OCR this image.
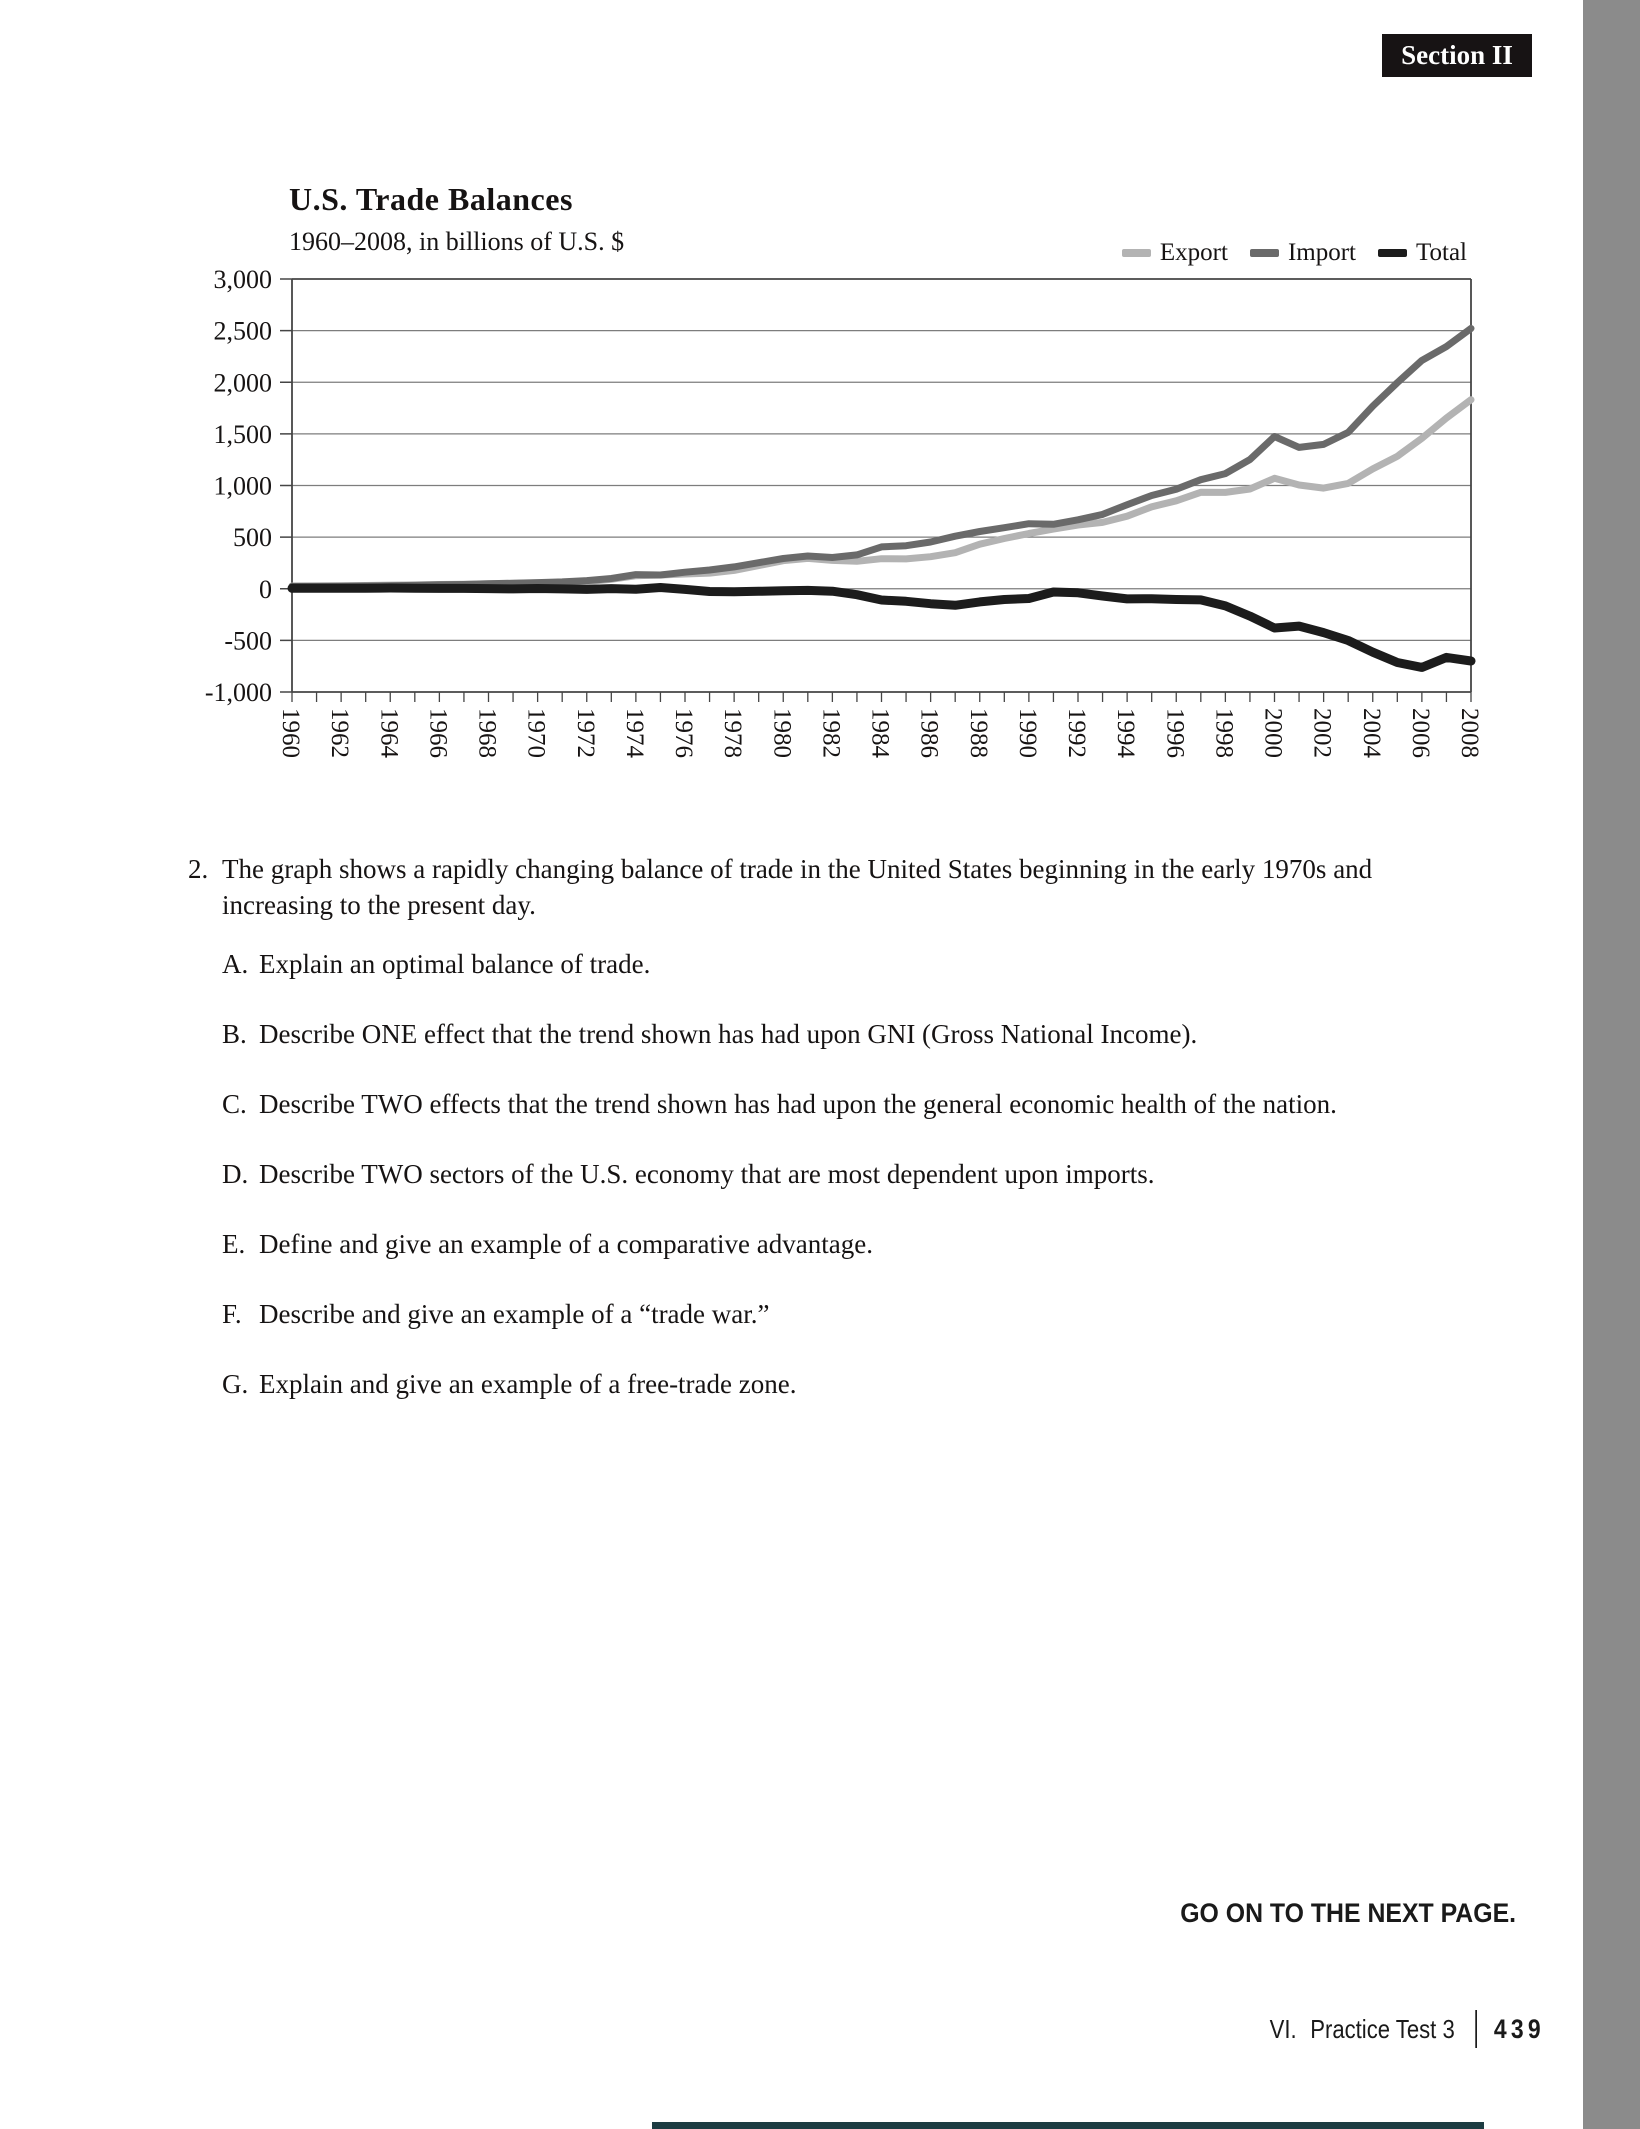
Section II
U.S. Trade Balances
1960–2008, in billions of U.S. $	Export Import Total
3,000
2,500
2,000
1,500
1,000
500
0
-500
-1,000
1960 1962 1964 1966 1968 1970 1972 1974 1976 1978 1980 1982 1984 1986 1988 1990 1992 1994 1996 1998 2000 2002 2004 2006 2008
2. The graph shows a rapidly changing balance of trade in the United States beginning in the early 1970s and increasing to the present day.
A. Explain an optimal balance of trade.
B. Describe ONE effect that the trend shown has had upon GNI (Gross National Income).
C. Describe TWO effects that the trend shown has had upon the general economic health of the nation.
D. Describe TWO sectors of the U.S. economy that are most dependent upon imports.
E. Define and give an example of a comparative advantage.
F. Describe and give an example of a “trade war.”
G. Explain and give an example of a free-trade zone.
GO ON TO THE NEXT PAGE.
VI. Practice Test 3 439
